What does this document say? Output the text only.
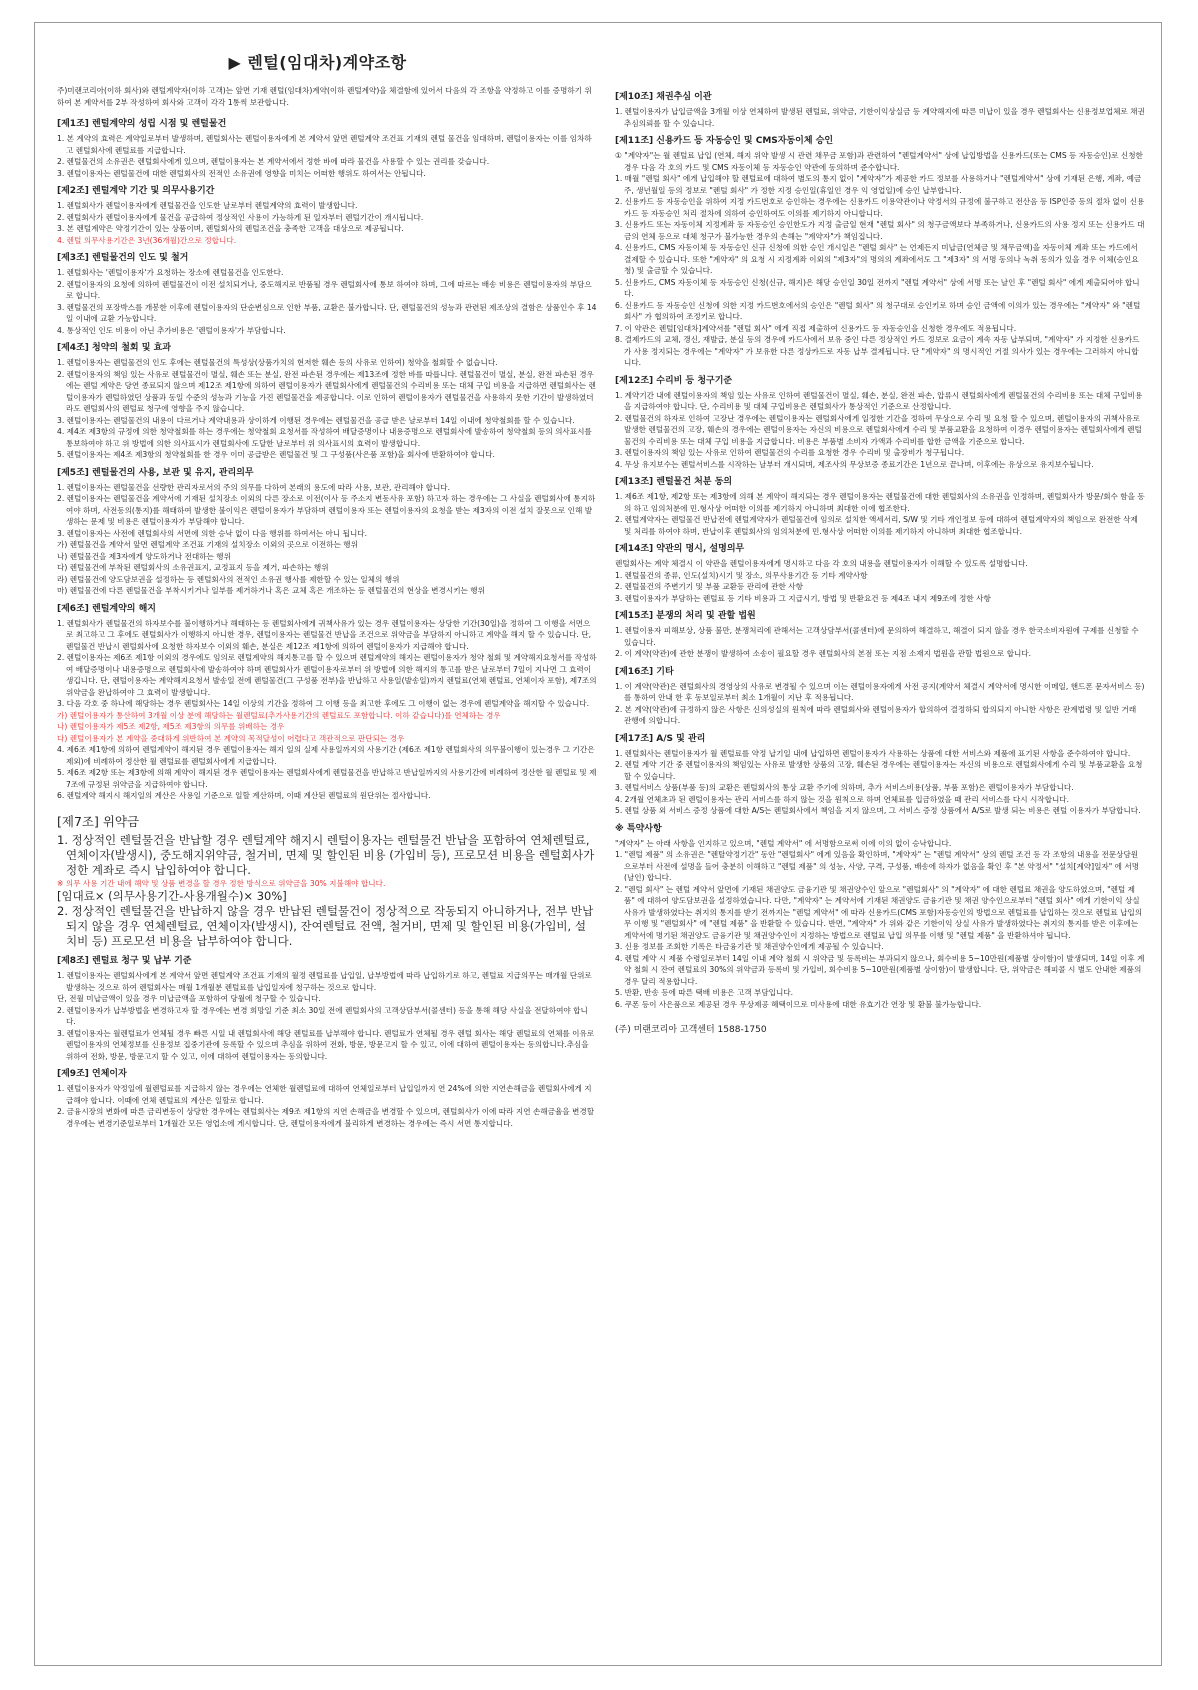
▶ 렌털(임대차)계약조항

주)미랜코리아(이하 회사)와 렌털계약자(이하 고객)는 앞면 기재 렌털(임대차)계약(이하 렌털계약)을 체결함에 있어서 다음의 각 조항을 약정하고 이를 증명하기 위하여 본 계약서를 2부 작성하여 회사와 고객이 각각 1통씩 보관합니다.

[제1조] 렌털계약의 성립 시점 및 렌털물건
1. 본 계약의 효력은 계약일로부터 발생하며, 렌털회사는 렌털이용자에게 본 계약서 앞면 렌털계약 조건표 기재의 렌털 물건을 임대하며, 렌털이용자는 이를 임차하고 렌털회사에 렌털료를 지급합니다.
2. 렌털물건의 소유권은 렌털회사에게 있으며, 렌털이용자는 본 계약서에서 정한 바에 따라 물건을 사용할 수 있는 권리를 갖습니다.
3. 렌털이용자는 렌털물건에 대한 렌털회사의 전적인 소유권에 영향을 미치는 어떠한 행위도 하여서는 안됩니다.
[제2조] 렌털계약 기간 및 의무사용기간
1. 렌털회사가 렌털이용자에게 렌털물건을 인도한 날로부터 렌털계약의 효력이 발생합니다.
2. 렌털회사가 렌털이용자에게 물건을 공급하여 정상적인 사용이 가능하게 된 일자부터 렌털기간이 개시됩니다.
3. 본 렌털계약은 약정기간이 있는 상품이며, 렌털회사의 렌털조건을 충족한 고객을 대상으로 제공됩니다.
4. 렌털 의무사용기간은 3년(36개월)간으로 정합니다.
[제3조] 렌털물건의 인도 및 철거
1. 렌털회사는 '렌털이용자'가 요청하는 장소에 렌털물건을 인도한다.
2. 렌털이용자의 요청에 의하여 렌털물건이 이전 설치되거나, 중도해지로 반품될 경우 렌털회사에 통보 하여야 하며, 그에 따르는 배송 비용은 렌털이용자의 부담으로 합니다.
3. 렌털물건의 포장박스를 개봉한 이후에 렌털이용자의 단순변심으로 인한 부품, 교환은 불가합니다. 단, 렌털물건의 성능과 관련된 제조상의 결함은 상품인수 후 14일 이내에 교환 가능합니다.
4. 통상적인 인도 비용이 아닌 추가비용은 '렌털이용자'가 부담합니다.
[제4조] 청약의 철회 및 효과
1. 렌털이용자는 렌털물건의 인도 후에는 렌털물건의 특성상(상품가치의 현저한 훼손 등의 사유로 인하여) 청약을 철회할 수 없습니다.
2. 렌털이용자의 책임 있는 사유로 렌털물건이 멸실, 훼손 또는 분실, 완전 파손된 경우에는 제13조에 정한 바를 따릅니다. 렌털물건이 멸실, 분실, 완전 파손된 경우에는 렌털 계약은 당연 종료되지 않으며 제12조 제1항에 의하여 렌털이용자가 렌털회사에게 렌털물건의 수리비용 또는 대체 구입 비용을 지급하면 렌털회사는 렌털이용자가 렌털하였던 상품과 동일 수준의 성능과 기능을 가진 렌털물건을 제공합니다. 이로 인하여 렌털이용자가 렌털물건을 사용하지 못한 기간이 발생하였더라도 렌털회사의 렌털료 청구에 영향을 주지 않습니다.
3. 렌털이용자는 렌털물건의 내용이 다르거나 계약내용과 상이하게 이행된 경우에는 렌털물건을 공급 받은 날로부터 14일 이내에 청약철회를 할 수 있습니다.
4. 제4조 제3항의 규정에 의한 청약철회를 하는 경우에는 청약철회 요청서를 작성하여 배달증명이나 내용증명으로 렌털회사에 발송하여 청약철회 등의 의사표시를 통보하여야 하고 위 방법에 의한 의사표시가 렌털회사에 도달한 날로부터 위 의사표시의 효력이 발생합니다.
5. 렌털이용자는 제4조 제3항의 청약철회를 한 경우 이미 공급받은 렌털물건 및 그 구성품(사은품 포함)을 회사에 반환하여야 합니다.
[제5조] 렌털물건의 사용, 보관 및 유지, 관리의무
1. 렌털이용자는 렌털물건을 선량한 관리자로서의 주의 의무를 다하여 본래의 용도에 따라 사용, 보관, 관리해야 합니다.
2. 렌털이용자는 렌털물건을 계약서에 기재된 설치장소 이외의 다른 장소로 이전(이사 등 주소지 변동사유 포함) 하고자 하는 경우에는 그 사실을 렌털회사에 통지하여야 하며, 사전동의(통지)를 해태하여 발생한 불이익은 렌털이용자가 부담하며 렌털이용자 또는 렌털이용자의 요청을 받는 제3자의 이전 설치 잘못으로 인해 발생하는 문제 및 비용은 렌털이용자가 부담해야 합니다.
3. 렌털이용자는 사전에 렌털회사의 서면에 의한 승낙 없이 다음 행위를 하여서는 아니 됩니다.
가) 렌털물건을 계약서 앞면 렌털계약 조건표 기재의 설치장소 이외의 곳으로 이전하는 행위
나) 렌털물건을 제3자에게 양도하거나 전대하는 행위
다) 렌털물건에 부착된 렌털회사의 소유권표지, 교정표지 등을 제거, 파손하는 행위
라) 렌털물건에 양도담보권을 설정하는 등 렌털회사의 전적인 소유권 행사를 제한할 수 있는 일체의 행위
마) 렌털물건에 다른 렌털물건을 부착시키거나 일부를 제거하거나 혹은 교체 혹은 개조하는 등 렌털물건의 현상을 변경시키는 행위
[제6조] 렌털계약의 해지
1. 렌털회사가 렌털물건의 하자보수를 불이행하거나 해태하는 등 렌털회사에게 귀책사유가 있는 경우 렌털이용자는 상당한 기간(30일)을 정하여 그 이행을 서면으로 최고하고 그 후에도 렌털회사가 이행하지 아니한 경우, 렌털이용자는 렌털물건 반납을 조건으로 위약금을 부담하지 아니하고 계약을 해지 할 수 있습니다. 단, 렌털물건 반납시 렌털회사에 요청한 하자보수 이외의 훼손, 분실은 제12조 제1항에 의하여 렌털이용자가 지급해야 합니다.
2. 렌털이용자는 제6조 제1항 이외의 경우에도 임의로 렌털계약의 해지통고를 할 수 있으며 렌털계약의 해지는 렌털이용자가 청약 철회 및 계약해지요청서를 작성하여 배달증명이나 내용증명으로 렌털회사에 발송하여야 하며 렌털회사가 렌털이용자로부터 위 방법에 의한 해지의 통고를 받은 날로부터 7일이 지나면 그 효력이 생깁니다. 단, 렌털이용자는 계약해지요청서 발송일 전에 렌털물건(그 구성품 전부)을 반납하고 사용일(발송일)까지 렌털료(연체 렌털료, 연체이자 포함), 제7조의 위약금을 완납하여야 그 효력이 발생합니다.
3. 다음 각호 중 하나에 해당하는 경우 렌털회사는 14일 이상의 기간을 정하여 그 이행 등을 최고한 후에도 그 이행이 없는 경우에 렌털계약을 해지할 수 있습니다.
가) 렌털이용자가 통산하여 3개월 이상 분에 해당하는 월렌털료(추가사용기간의 렌털료도 포함합니다. 이하 같습니다)를 연체하는 경우
나) 렌털이용자가 제5조 제2항, 제5조 제3항의 의무를 위배하는 경우
다) 렌털이용자가 본 계약을 중대하게 위반하여 본 계약의 목적달성이 어렵다고 객관적으로 판단되는 경우
4. 제6조 제1항에 의하여 렌털계약이 해지된 경우 렌털이용자는 해지 일의 실제 사용일까지의 사용기간 (제6조 제1항 렌털회사의 의무불이행이 있는경우 그 기간은 제외)에 비례하여 정산한 월 렌털료를 렌털회사에게 지급합니다.
5. 제6조 제2항 또는 제3항에 의해 계약이 해지된 경우 렌털이용자는 렌털회사에게 렌털물건을 반납하고 반납일까지의 사용기간에 비례하여 정산한 월 렌털료 및 제7조에 규정된 위약금을 지급하여야 합니다.
6. 렌털계약 해지시 해지일의 계산은 사용일 기준으로 일할 계산하며, 이때 계산된 렌털료의 원단위는 절사합니다.
[제7조] 위약금
1. 정상적인 렌털물건을 반납할 경우 렌털계약 해지시 렌털이용자는 렌털물건 반납을 포함하여 연체렌털료, 연체이자(발생시), 중도해지위약금, 철거비, 면제 및 할인된 비용 (가입비 등), 프로모션 비용을 렌털회사가 정한 계좌로 즉시 납입하여야 합니다.
※ 의무 사용 기간 내에 해약 및 상품 변경을 할 경우 정한 방식으로 위약금을 30% 지불해야 합니다.
[임대료× (의무사용기간-사용개월수)× 30%]
2. 정상적인 렌털물건을 반납하지 않을 경우 반납된 렌털물건이 정상적으로 작동되지 아니하거나, 전부 반납되지 않을 경우 연체렌털료, 연체이자(발생시), 잔여렌털료 전액, 철거비, 면제 및 할인된 비용(가입비, 설치비 등) 프로모션 비용을 납부하여야 합니다.
[제8조] 렌털료 청구 및 납부 기준
1. 렌털이용자는 렌털회사에게 본 계약서 앞면 렌털계약 조건표 기재의 월정 렌털료를 납입일, 납부방법에 따라 납입하기로 하고, 렌털료 지급의무는 매개월 단위로 발생하는 것으로 하여 렌털회사는 매월 1개월분 렌털료를 납입일자에 청구하는 것으로 합니다.
단, 전월 미납금액이 있을 경우 미납금액을 포함하여 당월에 청구할 수 있습니다.
2. 렌털이용자가 납부방법을 변경하고자 할 경우에는 변경 희망일 기준 최소 30일 전에 렌털회사의 고객상담부서(콜센터) 등을 통해 해당 사실을 전달하여야 합니다.
3. 렌털이용자는 월렌털료가 연체될 경우 빠른 시일 내 렌털회사에 해당 렌털료를 납부해야 합니다. 렌털료가 연체될 경우 렌털 회사는 해당 렌털료의 연체를 이유로 렌털이용자의 연체정보를 신용정보 집중기관에 등록할 수 있으며 추심을 위하여 전화, 방문, 방문고지 할 수 있고, 이에 대하여 렌털이용자는 동의합니다.추심을 위하여 전화, 방문, 방문고지 할 수 있고, 이에 대하여 렌털이용자는 동의합니다.
[제9조] 연체이자
1. 렌털이용자가 약정일에 월렌털료를 지급하지 않는 경우에는 연체한 월렌털료에 대하여 연체일로부터 납입일까지 연 24%에 의한 지연손해금을 렌털회사에게 지급해야 합니다. 이때에 연체 렌털료의 계산은 일할로 합니다.
2. 금융시장의 변화에 따른 금리변동이 상당한 경우에는 렌털회사는 제9조 제1항의 지연 손해금을 변경할 수 있으며, 렌털회사가 이에 따라 지연 손해금율을 변경할 경우에는 변경기준일로부터 1개월간 모든 영업소에 게시합니다. 단, 렌털이용자에게 불리하게 변경하는 경우에는 즉시 서면 통지합니다.
[제10조] 채권추심 이관
1. 렌털이용자가 납입금액을 3개월 이상 연체하여 발생된 렌털료, 위약금, 기한이익상실금 등 계약해지에 따른 미납이 있을 경우 렌털회사는 신용정보업체로 채권추심의뢰를 할 수 있습니다.
[제11조] 신용카드 등 자동승인 및 CMS자동이체 승인
① "계약자"는 월 렌털료 납입 (연체, 해지 위약 발생 시 관련 채무금 포함)과 관련하여 "렌털계약서" 상에 납입방법을 신용카드(또는 CMS 등 자동승인)로 신청한 경우 다음 각 호의 카드 및 CMS 자동이체 등 자동승인 약관에 동의하며 준수합니다.
1. 매월 "렌털 회사" 에게 납입해야 할 렌털료에 대하여 별도의 통지 없이 "계약자"가 제공한 카드 정보를 사용하거나 "렌털계약서" 상에 기재된 은행, 계좌, 예금주, 생년월일 등의 정보로 "렌털 회사" 가 정한 지정 승인일(휴일인 경우 익 영업일)에 승인 납부합니다.
2. 신용카드 등 자동승인을 위하여 지정 카드번호로 승인하는 경우에는 신용카드 이용약관이나 약정서의 규정에 불구하고 전산음 등 ISP인증 등의 절차 없이 신용카드 등 자동승인 처리 절차에 의하여 승인하여도 이의를 제기하지 아니합니다.
3. 신용카드 또는 자동이체 지정계좌 등 자동승인 승인한도가 지정 출금일 현재 "렌털 회사" 의 청구금액보다 부족하거나, 신용카드의 사용 정지 또는 신용카드 대금의 연체 등으로 대체 청구가 불가능한 경우의 손해는 "계약자"가 책임집니다.
4. 신용카드, CMS 자동이체 등 자동승인 신규 신청에 의한 승인 개시일은 "렌털 회사" 는 언제든지 미납금(연체금 및 채무금액)을 자동이체 계좌 또는 카드에서 결제할 수 있습니다. 또한 "계약자" 의 요청 시 지정계좌 이외의 "제3자"의 명의의 계좌에서도 그 "제3자" 의 서명 동의나 녹취 동의가 있을 경우 이체(승인요청) 및 출금할 수 있습니다.
5. 신용카드, CMS 자동이체 등 자동승인 신청(신규, 해지)은 해당 승인일 30일 전까지 "렌털 계약서" 상에 서명 또는 날인 후 "렌털 회사" 에게 제출되어야 합니다.
6. 신용카드 등 자동승인 신청에 의한 지정 카드번호에서의 승인은 "렌털 회사" 의 청구대로 승인키로 하며 승인 금액에 이의가 있는 경우에는 "계약자" 와 "렌털 회사" 가 협의하여 조정키로 합니다.
7. 이 약관은 렌털[임대차]계약서를 "렌털 회사" 에게 직접 제출하여 신용카드 등 자동승인을 신청한 경우에도 적용됩니다.
8. 결제카드의 교체, 갱신, 재발급, 분실 등의 경우에 카드사에서 보유 중인 다른 정상적인 카드 정보로 요금이 계속 자동 납부되며, "계약자" 가 지정한 신용카드가 사용 정지되는 경우에는 "계약자" 가 보유한 다른 정상카드로 자동 납부 결제됩니다. 단 "계약자" 의 명시적인 거절 의사가 있는 경우에는 그러하지 아니합니다.
[제12조] 수리비 등 청구기준
1. 계약기간 내에 렌털이용자의 책임 있는 사유로 인하여 렌털물건이 멸실, 훼손, 분실, 완전 파손, 압류시 렌털회사에게 렌털물건의 수리비용 또는 대체 구입비용을 지급하여야 합니다. 단, 수리비용 및 대체 구입비용은 렌털회사가 통상적인 기준으로 산정합니다.
2. 렌털물건의 하자로 인하여 고장난 경우에는 렌털이용자는 렌털회사에게 일정한 기간을 정하여 무상으로 수리 및 요청 할 수 있으며, 렌털이용자의 귀책사유로 발생한 렌털물건의 고장, 훼손의 경우에는 렌털이용자는 자신의 비용으로 렌털회사에게 수리 및 부품교환을 요청하여 이경우 렌털이용자는 렌털회사에게 렌털물건의 수리비용 또는 대체 구입 비용을 지급합니다. 비용은 부품별 소비자 가액과 수리비를 합한 금액을 기준으로 합니다.
3. 렌털이용자의 책임 있는 사유로 인하여 렌털물건의 수리를 요청한 경우 수리비 및 출장비가 청구됩니다.
4. 무상 유지보수는 렌털서비스를 시작하는 날부터 개시되며, 제조사의 무상보증 종료기간은 1년으로 끝나며, 이후에는 유상으로 유지보수됩니다.
[제13조] 렌털물건 처분 동의
1. 제6조 제1항, 제2항 또는 제3항에 의해 본 계약이 해지되는 경우 렌털이용자는 렌털물건에 대한 렌털회사의 소유권을 인정하며, 렌털회사가 방문/회수 함을 동의 하고 임의처분에 민.형사상 어떠한 이의를 제기하지 아니하며 최대한 이에 협조한다.
2. 렌털계약자는 렌털물건 반납전에 렌털계약자가 렌털물건에 임의로 설치한 액세서리, S/W 및 기타 개인정보 등에 대하여 렌털계약자의 책임으로 완전한 삭제 및 처리를 하여야 하며, 반납이후 렌털회사의 임의처분에 민.형사상 어떠한 이의를 제기하지 아니하며 최대한 협조합니다.
[제14조] 약관의 명시, 설명의무
렌털회사는 계약 체결시 이 약관을 렌털이용자에게 명시하고 다음 각 호의 내용을 렌털이용자가 이해할 수 있도록 설명합니다.
1. 렌털물건의 종류, 인도(설치)시기 및 장소, 의무사용기간 등 기타 계약사항
2. 렌털물건의 주변기기 및 부품 교환등 관리에 관한 사항
3. 렌털이용자가 부담하는 렌털료 등 기타 비용과 그 지급시기, 방법 및 반환요건 등 제4조 내지 제9조에 정한 사항
[제15조] 분쟁의 처리 및 관할 법원
1. 렌털이용자 피해보상, 상품 불만, 분쟁처리에 관해서는 고객상담부서(콜센터)에 문의하여 해결하고, 해결이 되지 않을 경우 한국소비자원에 구제를 신청할 수 있습니다.
2. 이 계약(약관)에 관한 분쟁이 발생하여 소송이 필요할 경우 렌털회사의 본점 또는 지점 소재지 법원을 관할 법원으로 합니다.
[제16조] 기타
1. 이 계약(약관)은 렌털회사의 경영상의 사유로 변경될 수 있으며 이는 렌털이용자에게 사전 공지(계약서 체결시 계약서에 명시한 이메일, 핸드폰 문자서비스 등)를 통하여 안내 한 후 동보일로부터 최소 1개월이 지난 후 적용됩니다.
2. 본 계약(약관)에 규정하지 않은 사항은 신의성실의 원칙에 따라 렌털회사와 렌털이용자가 합의하여 결정하되 합의되지 아니한 사항은 관계법령 및 일반 거래 관행에 의합니다.
[제17조] A/S 및 관리
1. 렌털회사는 렌털이용자가 월 렌털료를 약정 납기일 내에 납입하면 렌털이용자가 사용하는 상품에 대한 서비스와 제품에 표기된 사항을 준수하여야 합니다.
2. 렌털 계약 기간 중 렌털이용자의 책임있는 사유로 발생한 상품의 고장, 훼손된 경우에는 렌털이용자는 자신의 비용으로 렌털회사에게 수리 및 부품교환을 요청할 수 있습니다.
3. 렌털서비스 상품(부품 등)의 교환은 렌털회사의 통상 교환 주기에 의하며, 추가 서비스비용(상품, 부품 포함)은 렌털이용자가 부담합니다.
4. 2개월 연체초과 된 렌털이용자는 관리 서비스를 하지 않는 것을 원칙으로 하며 연체료를 입금하였을 때 관리 서비스를 다시 시작합니다.
5. 렌털 상품 외 서비스 증정 상품에 대한 A/S는 렌털회사에서 책임을 지지 않으며, 그 서비스 증정 상품에서 A/S로 발생 되는 비용은 렌털 이용자가 부담합니다.
※ 특약사항
"계약자" 는 아래 사항을 인지하고 있으며, "렌털 계약서" 에 서명함으로써 이에 이의 없이 승낙합니다.
1. "렌털 제품" 의 소유권은 "렌탈약정기간" 동안 "렌털회사" 에게 있음을 확인하며, "계약자" 는 "렌털 계약서" 상의 렌털 조건 등 각 조항의 내용을 전문상담원으로부터 사전에 설명을 들어 충분히 이해하고 "렌털 제품" 의 성능, 사양, 구격, 구성품, 배송에 하자가 없음을 확인 후 "본 약정서" "설치[계약]일자" 에 서명(날인) 합니다.
2. "렌털 회사" 는 렌털 계약서 앞면에 기재된 채권양도 금융기관 및 채권양수인 앞으로 "렌털회사" 의 "계약자" 에 대한 렌털료 채권을 양도하였으며, "렌털 제품" 에 대하여 양도담보권을 설정하였습니다. 다만, "계약자" 는 계약서에 기재된 채권양도 금융기관 및 채권 양수인으로부터 "렌털 회사" 에게 기한이익 상실 사유가 발생하였다는 취지의 통지를 받기 전까지는 "렌털 계약서" 에 따라 신용카드(CMS 포함)자동승인의 방법으로 렌털료를 납입하는 것으로 렌털료 납입의무 이행 및 "렌털회사" 에 "렌털 제품" 을 반환할 수 있습니다. 반면, "계약자" 가 위와 같은 기한이익 상실 사유가 발생하였다는 취지의 통지를 받은 이후에는 계약서에 명기된 채권양도 금융기관 및 채권양수인이 지정하는 방법으로 렌털료 납입 의무를 이행 및 "렌털 제품" 을 반환하셔야 됩니다.
3. 신용 정보를 조회한 기록은 타금융기관 및 채권양수인에게 제공될 수 있습니다.
4. 렌털 계약 시 제품 수령일로부터 14일 이내 계약 철회 시 위약금 및 등록비는 부과되지 않으나, 회수비용 5~10만원(제품별 상이함)이 발생되며, 14일 이후 계약 철회 시 잔여 렌털료의 30%의 위약금과 등록비 및 가입비, 회수비용 5~10만원(제품별 상이함)이 발생합니다. 단, 위약금은 해피콜 시 별도 안내한 제품의 경우 달리 적용합니다.
5. 반환, 반송 등에 따른 택배 비용은 고객 부담입니다.
6. 쿠폰 등이 사은품으로 제공된 경우 무상제공 혜택이므로 미사용에 대한 유효기간 연장 및 환불 불가능합니다.
(주) 미랜코리아 고객센터 1588-1750
